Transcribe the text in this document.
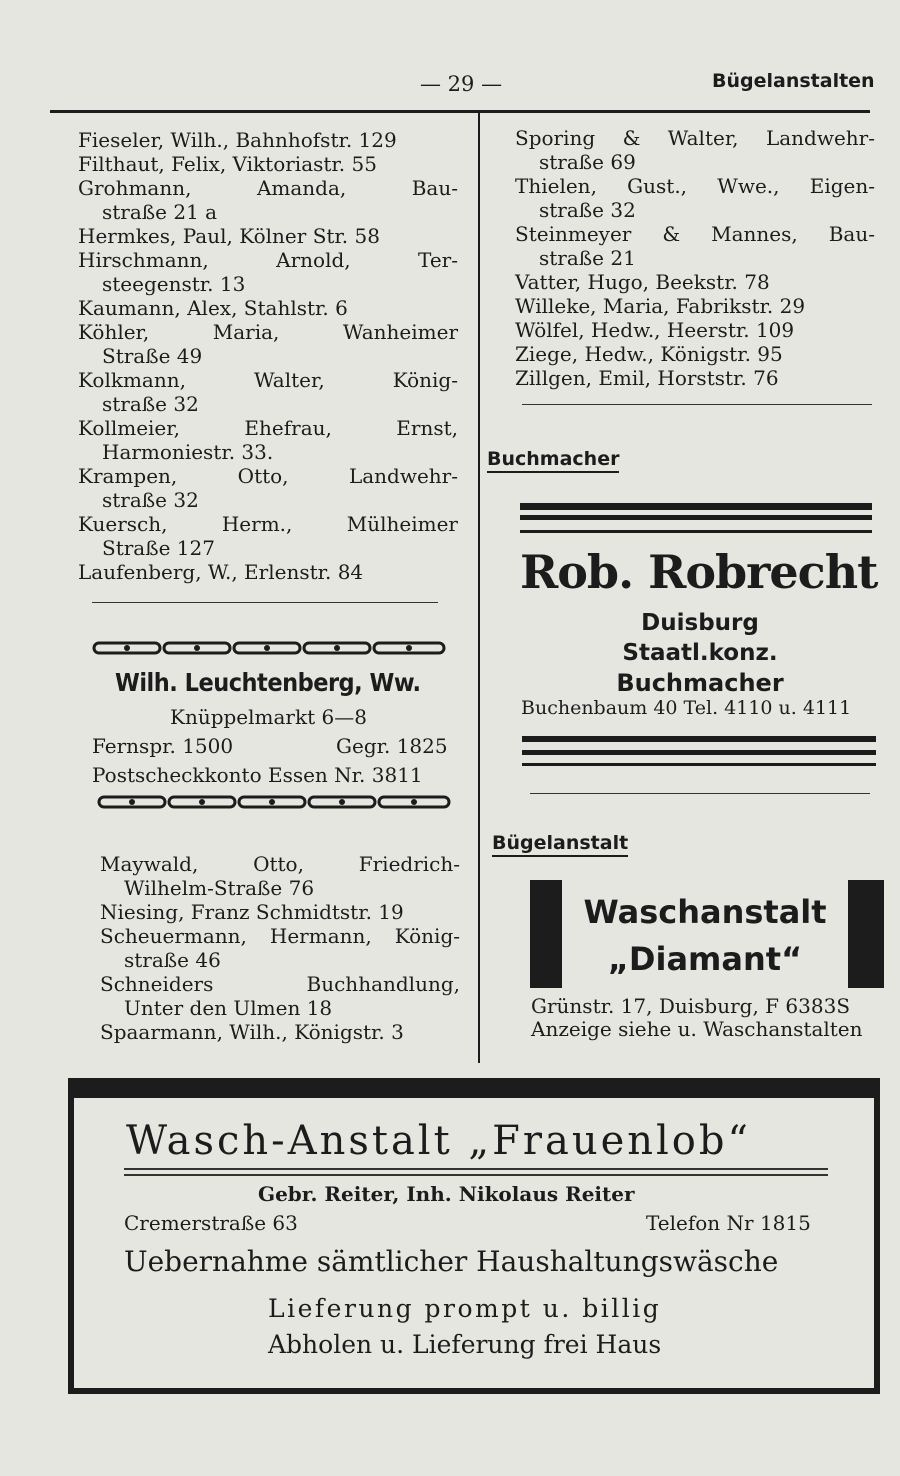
— 29 —	Bügelanstalten
Fieseler, Wilh., Bahnhofstr. 129
Filthaut, Felix, Viktoriastr. 55
Grohmann, Amanda, Bau-
straße 21 a
Hermkes, Paul, Kölner Str. 58
Hirschmann, Arnold, Ter-
steegenstr. 13
Kaumann, Alex, Stahlstr. 6
Köhler, Maria, Wanheimer
Straße 49
Kolkmann, Walter, König-
straße 32
Kollmeier, Ehefrau, Ernst,
Harmoniestr. 33.
Krampen, Otto, Landwehr-
straße 32
Kuersch, Herm., Mülheimer
Straße 127
Laufenberg, W., Erlenstr. 84
Wilh. Leuchtenberg, Ww.
Knüppelmarkt 6—8
Fernspr. 1500	Gegr. 1825
Postscheckkonto Essen Nr. 3811
Maywald, Otto, Friedrich-
Wilhelm-Straße 76
Niesing, Franz Schmidtstr. 19
Scheuermann, Hermann, König-
straße 46
Schneiders Buchhandlung,
Unter den Ulmen 18
Spaarmann, Wilh., Königstr. 3
Sporing & Walter, Landwehr-
straße 69
Thielen, Gust., Wwe., Eigen-
straße 32
Steinmeyer & Mannes, Bau-
straße 21
Vatter, Hugo, Beekstr. 78
Willeke, Maria, Fabrikstr. 29
Wölfel, Hedw., Heerstr. 109
Ziege, Hedw., Königstr. 95
Zillgen, Emil, Horststr. 76
Buchmacher
Rob. Robrecht
Duisburg
Staatl.konz.
Buchmacher
Buchenbaum 40 Tel. 4110 u. 4111
Bügelanstalt
Waschanstalt
„Diamant“
Grünstr. 17, Duisburg, F 6383S
Anzeige siehe u. Waschanstalten
Wasch-Anstalt „Frauenlob“
Gebr. Reiter, Inh. Nikolaus Reiter
Cremerstraße 63	Telefon Nr 1815
Uebernahme sämtlicher Haushaltungswäsche
Lieferung prompt u. billig
Abholen u. Lieferung frei Haus
